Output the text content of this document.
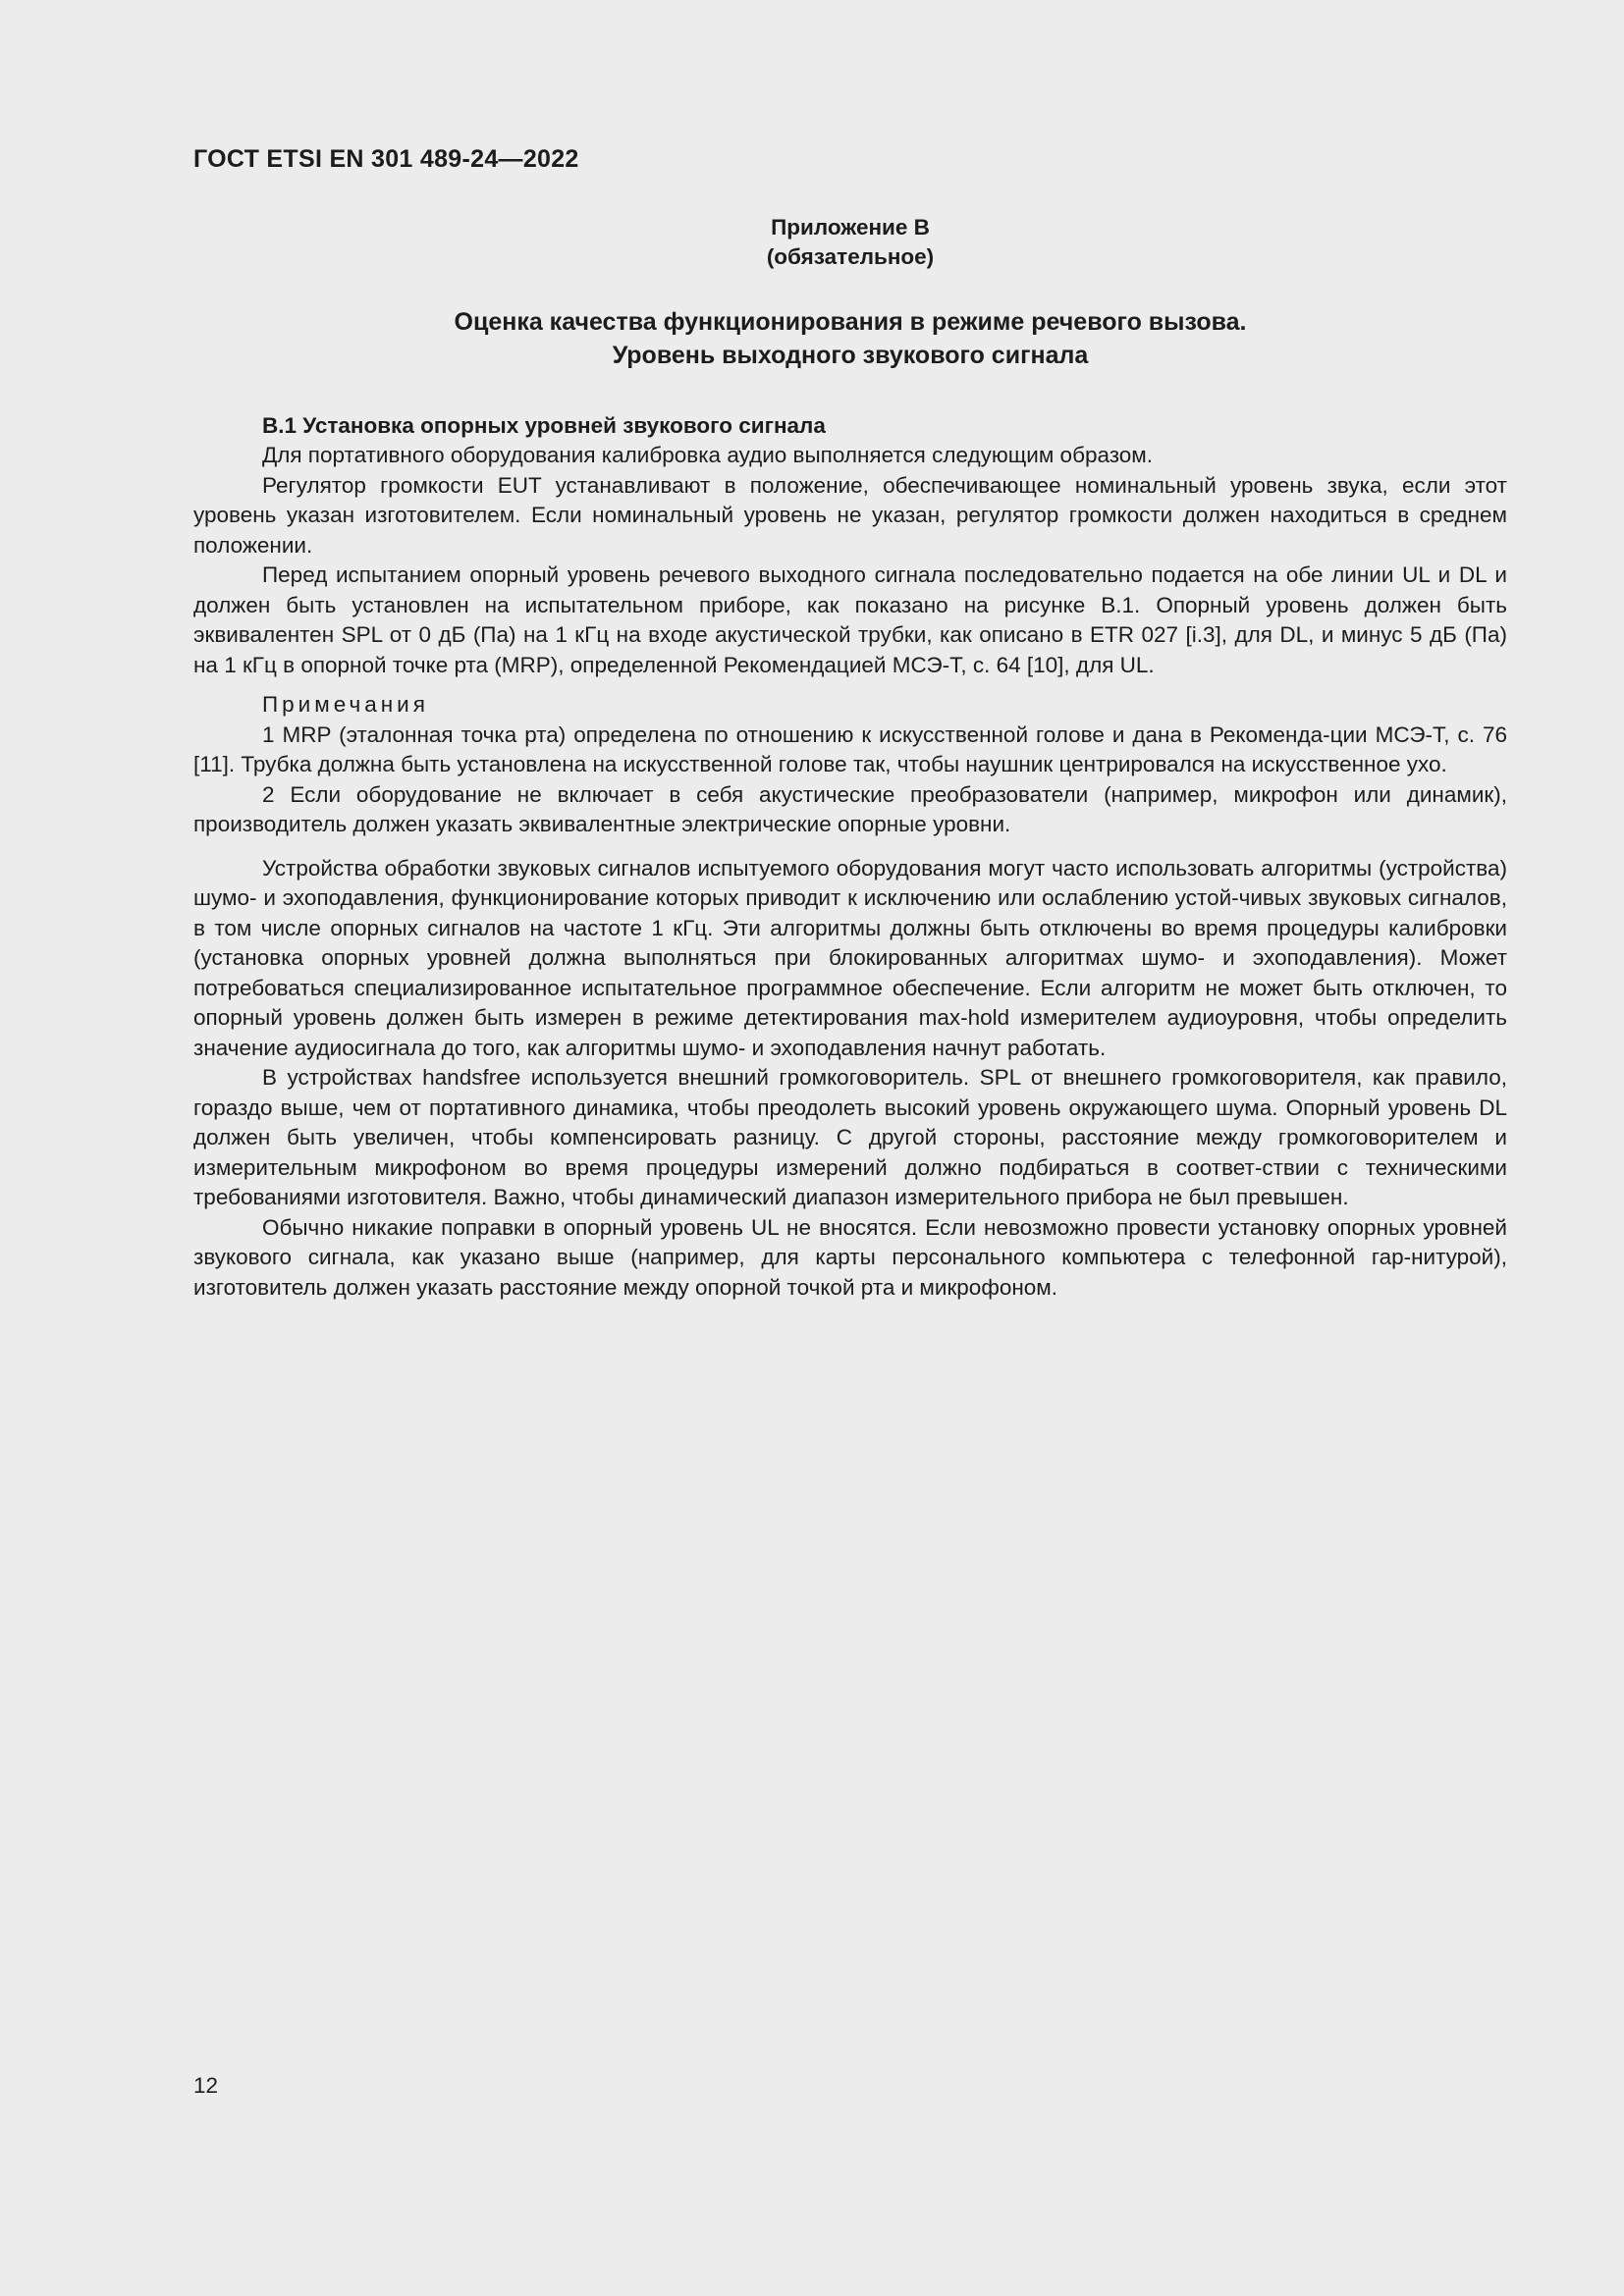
ГОСТ ETSI EN 301 489-24—2022
Приложение В
(обязательное)
Оценка качества функционирования в режиме речевого вызова.
Уровень выходного звукового сигнала
В.1 Установка опорных уровней звукового сигнала

Для портативного оборудования калибровка аудио выполняется следующим образом.

Регулятор громкости EUT устанавливают в положение, обеспечивающее номинальный уровень звука, если этот уровень указан изготовителем. Если номинальный уровень не указан, регулятор громкости должен находиться в среднем положении.

Перед испытанием опорный уровень речевого выходного сигнала последовательно подается на обе линии UL и DL и должен быть установлен на испытательном приборе, как показано на рисунке В.1. Опорный уровень должен быть эквивалентен SPL от 0 дБ (Па) на 1 кГц на входе акустической трубки, как описано в ETR 027 [i.3], для DL, и минус 5 дБ (Па) на 1 кГц в опорной точке рта (MRP), определенной Рекомендацией МСЭ-Т, с. 64 [10], для UL.

Примечания

1 MRP (эталонная точка рта) определена по отношению к искусственной голове и дана в Рекоменда-ции МСЭ-Т, с. 76 [11]. Трубка должна быть установлена на искусственной голове так, чтобы наушник центрировался на искусственное ухо.

2 Если оборудование не включает в себя акустические преобразователи (например, микрофон или динамик), производитель должен указать эквивалентные электрические опорные уровни.

Устройства обработки звуковых сигналов испытуемого оборудования могут часто использовать алгоритмы (устройства) шумо- и эхоподавления, функционирование которых приводит к исключению или ослаблению устой-чивых звуковых сигналов, в том числе опорных сигналов на частоте 1 кГц. Эти алгоритмы должны быть отключены во время процедуры калибровки (установка опорных уровней должна выполняться при блокированных алгоритмах шумо- и эхоподавления). Может потребоваться специализированное испытательное программное обеспечение. Если алгоритм не может быть отключен, то опорный уровень должен быть измерен в режиме детектирования max-hold измерителем аудиоуровня, чтобы определить значение аудиосигнала до того, как алгоритмы шумо- и эхоподавления начнут работать.

В устройствах handsfree используется внешний громкоговоритель. SPL от внешнего громкоговорителя, как правило, гораздо выше, чем от портативного динамика, чтобы преодолеть высокий уровень окружающего шума. Опорный уровень DL должен быть увеличен, чтобы компенсировать разницу. С другой стороны, расстояние между громкоговорителем и измерительным микрофоном во время процедуры измерений должно подбираться в соответ-ствии с техническими требованиями изготовителя. Важно, чтобы динамический диапазон измерительного прибора не был превышен.

Обычно никакие поправки в опорный уровень UL не вносятся. Если невозможно провести установку опорных уровней звукового сигнала, как указано выше (например, для карты персонального компьютера с телефонной гар-нитурой), изготовитель должен указать расстояние между опорной точкой рта и микрофоном.

12
